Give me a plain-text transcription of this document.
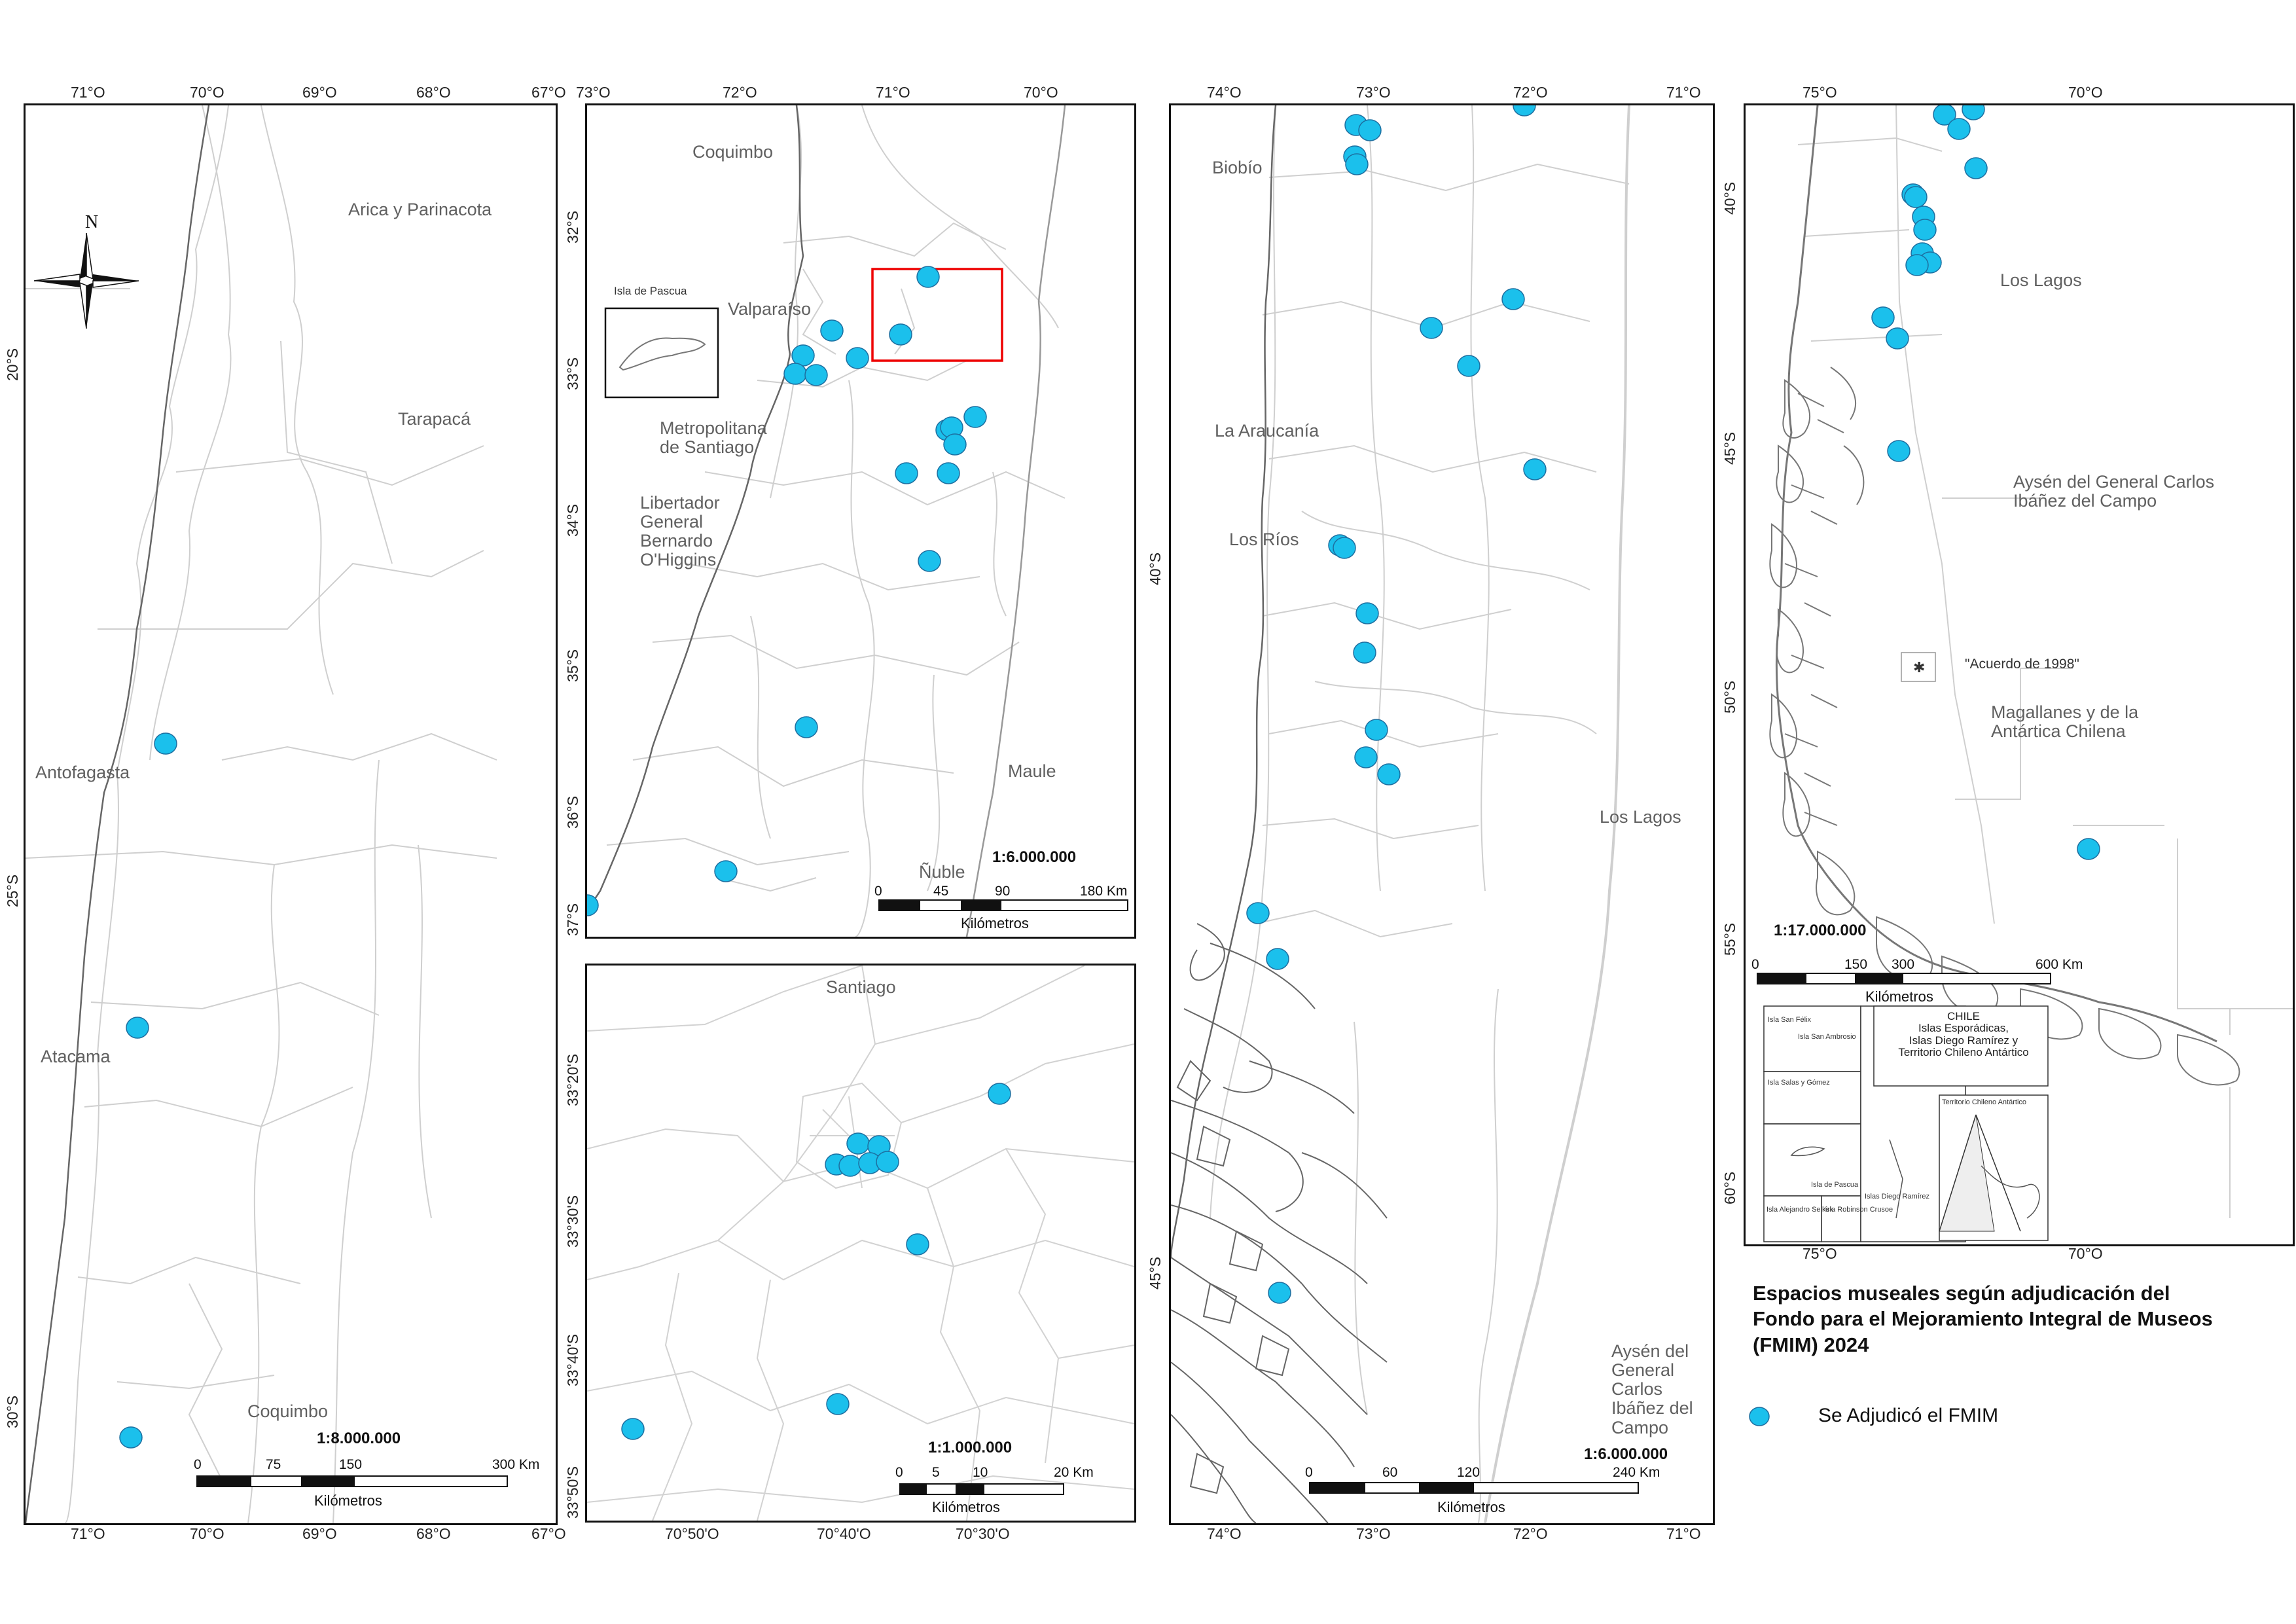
71°O	70°O	69°O	68°O	67°O
71°O	70°O	69°O	68°O	67°O
20°S
25°S
30°S
N
Arica y Parinacota
Tarapacá
Antofagasta
Atacama
Coquimbo
1:8.000.000
0	75	150	300 Km
Kilómetros
Isla de Pascua
73°O	72°O	71°O	70°O
32°S
33°S
34°S
35°S
36°S
37°S
Coquimbo
Valparaíso
Metropolitana
de Santiago
Libertador
General
Bernardo
O'Higgins
Maule
Ñuble
1:6.000.000
0	45	90	180 Km
Kilómetros
Santiago
70°50'O	70°40'O	70°30'O
33°20'S
33°30'S
33°40'S
33°50'S
1:1.000.000
0 5 10	20 Km
Kilómetros
74°O	73°O	72°O	71°O
74°O	73°O	72°O	71°O
40°S
45°S
Biobío
La Araucanía
Los Ríos
Los Lagos
Aysén del
General
Carlos
Ibáñez del
Campo
1:6.000.000
0	60	120	240 Km
Kilómetros
✱
Isla San Félix
Isla San Ambrosio
Isla Salas y Gómez
Isla de Pascua
Islas Diego Ramírez
Isla Alejandro Selkirk
Isla Robinson Crusoe
Territorio Chileno Antártico
75°O	70°O
75°O	70°O
40°S
45°S
50°S
55°S
60°S
Los Lagos
Aysén del General Carlos
Ibáñez del Campo
Magallanes y de la
Antártica Chilena
"Acuerdo de 1998"
CHILE
Islas Esporádicas,
Islas Diego Ramírez y
Territorio Chileno Antártico
1:17.000.000
0	150 300	600 Km
Kilómetros
Espacios museales según adjudicación del Fondo para el Mejoramiento Integral de Museos (FMIM) 2024
Se Adjudicó el FMIM
